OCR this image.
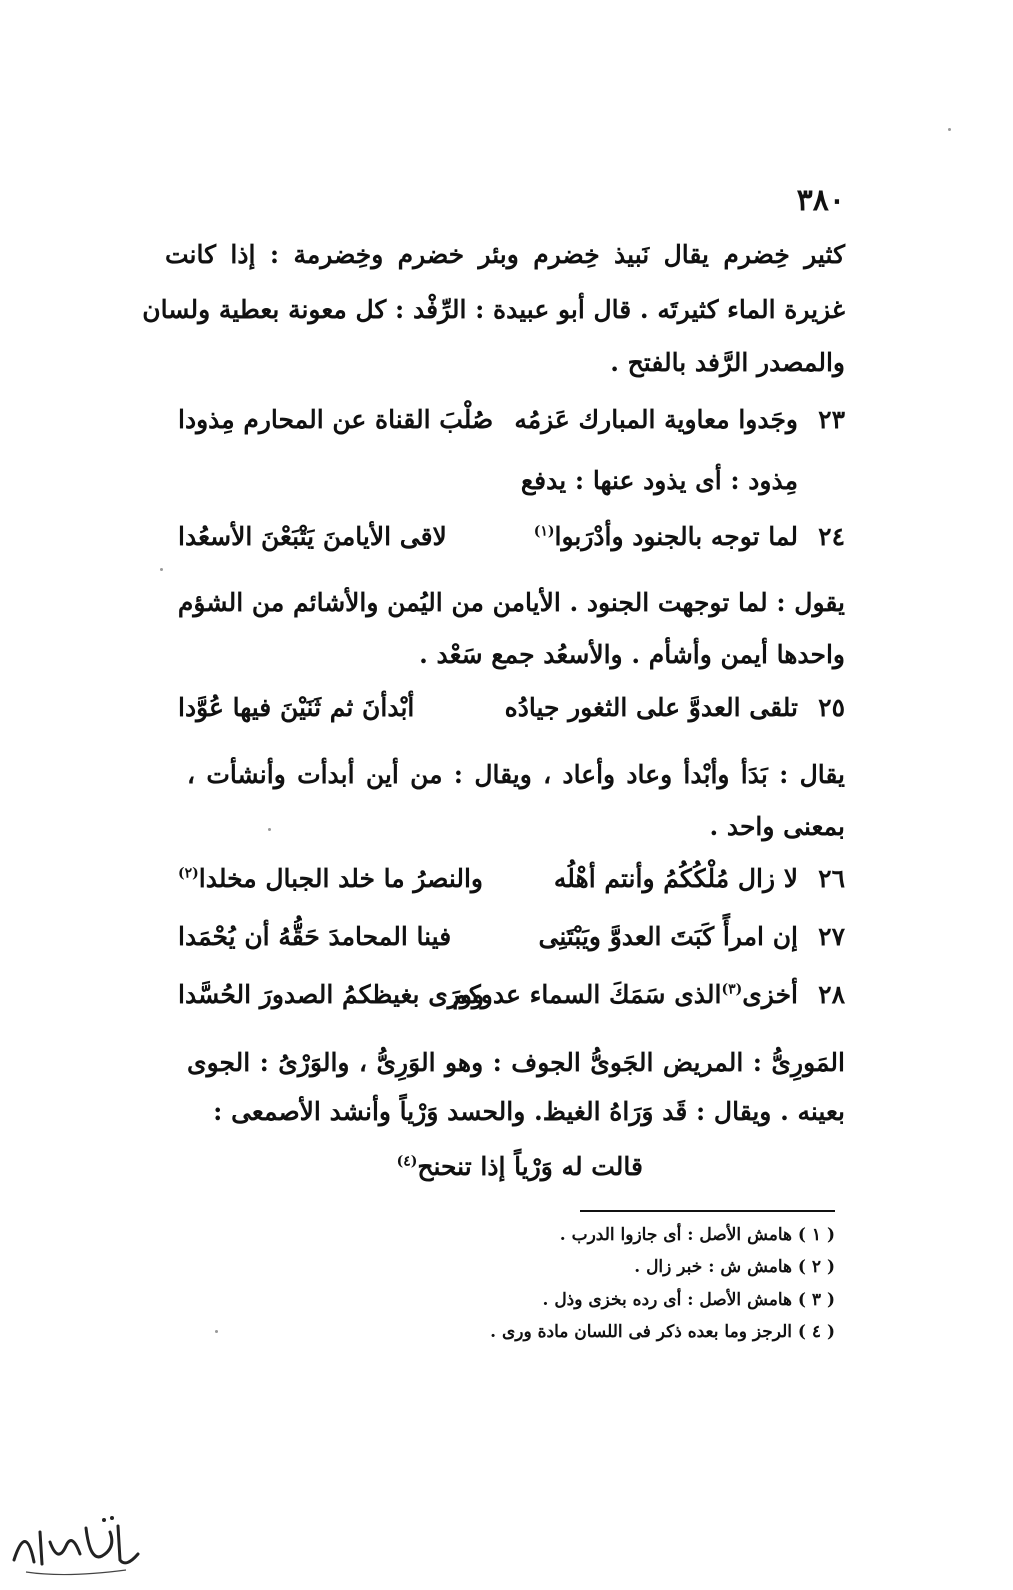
٣٨٠
كثير خِضرم يقال نَبيذ خِضرم وبئر خضرم وخِضرمة : إذا كانت
غزيرة الماء كثيرتَه . قال أبو عبيدة : الرِّفْد : كل معونة بعطية ولسان
والمصدر الرَّفد بالفتح .
٢٣
وجَدوا معاوية المبارك عَزمُه
صُلْبَ القناة عن المحارم مِذودا
مِذود : أى يذود عنها : يدفع
٢٤
لما توجه بالجنود وأدْرَبوا$^{(١)}$
لاقى الأيامنَ يَتْبَعْنَ الأسعُدا
يقول : لما توجهت الجنود . الأيامن من اليُمن والأشائم من الشؤم
واحدها أيمن وأشأم . والأسعُد جمع سَعْد .
٢٥
تلقى العدوَّ على الثغور جيادُه
أبْدأنَ ثم ثَنَيْنَ فيها عُوَّدا
يقال : بَدَأ وأبْدأ وعاد وأعاد ، ويقال : من أين أبدأت وأنشأت ،
بمعنى واحد .
٢٦
لا زال مُلْكُكُمُ وأنتم أهْلُه
والنصرُ ما خلد الجبال مخلدا$^{(٢)}$
٢٧
إن امرأً كَبَتَ العدوَّ ويَبْتَنِى
فينا المحامدَ حَقُّهُ أن يُحْمَدا
٢٨
أخزى$^{(٣)}$الذى سَمَكَ السماء عدوكم
وورَى بغيظكمُ الصدورَ الحُسَّدا
المَورِىُّ : المريض الجَوىُّ الجوف : وهو الوَرِىُّ ، والوَرْىُ : الجوى
بعينه . ويقال : قَد وَرَاهُ الغيظ. والحسد وَرْياً وأنشد الأصمعى :
قالت له وَرْياً إذا تنحنح$^{(٤)}$
( ١ ) هامش الأصل : أى جازوا الدرب .
( ٢ ) هامش ش : خبر زال .
( ٣ ) هامش الأصل : أى رده بخزى وذل .
( ٤ ) الرجز وما بعده ذكر فى اللسان مادة ورى .
